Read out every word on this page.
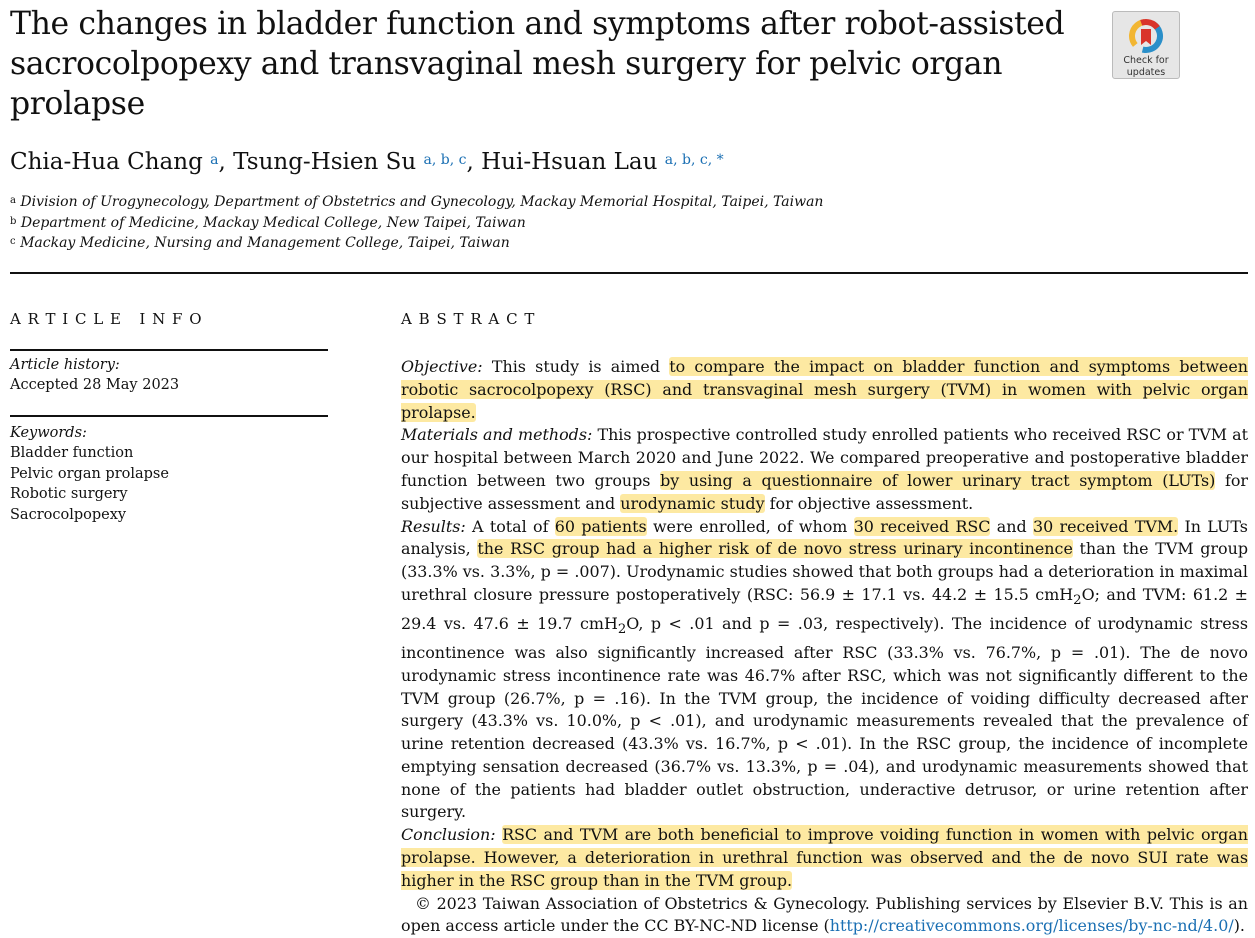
The changes in bladder function and symptoms after robot-assisted sacrocolpopexy and transvaginal mesh surgery for pelvic organ prolapse
Check for
updates
Chia-Hua Chang $^a$, Tsung-Hsien Su $^{a, b, c}$, Hui-Hsuan Lau $^{a, b, c, *}$
$^a$ Division of Urogynecology, Department of Obstetrics and Gynecology, Mackay Memorial Hospital, Taipei, Taiwan
$^b$ Department of Medicine, Mackay Medical College, New Taipei, Taiwan
$^c$ Mackay Medicine, Nursing and Management College, Taipei, Taiwan
ARTICLE INFO	ABSTRACT
Article history:
Accepted 28 May 2023
Keywords:
Bladder function
Pelvic organ prolapse
Robotic surgery
Sacrocolpopexy

Objective: This study is aimed to compare the impact on bladder function and symptoms between robotic sacrocolpopexy (RSC) and transvaginal mesh surgery (TVM) in women with pelvic organ prolapse.

Materials and methods: This prospective controlled study enrolled patients who received RSC or TVM at our hospital between March 2020 and June 2022. We compared preoperative and postoperative bladder function between two groups by using a questionnaire of lower urinary tract symptom (LUTs) for subjective assessment and urodynamic study for objective assessment.

Results: A total of 60 patients were enrolled, of whom 30 received RSC and 30 received TVM. In LUTs analysis, the RSC group had a higher risk of de novo stress urinary incontinence than the TVM group (33.3% vs. 3.3%, p = .007). Urodynamic studies showed that both groups had a deterioration in maximal urethral closure pressure postoperatively (RSC: 56.9 ± 17.1 vs. 44.2 ± 15.5 cmH$_2$O; and TVM: 61.2 ± 29.4 vs. 47.6 ± 19.7 cmH$_2$O, p < .01 and p = .03, respectively). The incidence of urodynamic stress incontinence was also significantly increased after RSC (33.3% vs. 76.7%, p = .01). The de novo urodynamic stress incontinence rate was 46.7% after RSC, which was not significantly different to the TVM group (26.7%, p = .16). In the TVM group, the incidence of voiding difficulty decreased after surgery (43.3% vs. 10.0%, p < .01), and urodynamic measurements revealed that the prevalence of urine retention decreased (43.3% vs. 16.7%, p < .01). In the RSC group, the incidence of incomplete emptying sensation decreased (36.7% vs. 13.3%, p = .04), and urodynamic measurements showed that none of the patients had bladder outlet obstruction, underactive detrusor, or urine retention after surgery.

Conclusion: RSC and TVM are both beneficial to improve voiding function in women with pelvic organ prolapse. However, a deterioration in urethral function was observed and the de novo SUI rate was higher in the RSC group than in the TVM group.

© 2023 Taiwan Association of Obstetrics & Gynecology. Publishing services by Elsevier B.V. This is an open access article under the CC BY-NC-ND license (http://creativecommons.org/licenses/by-nc-nd/4.0/).
